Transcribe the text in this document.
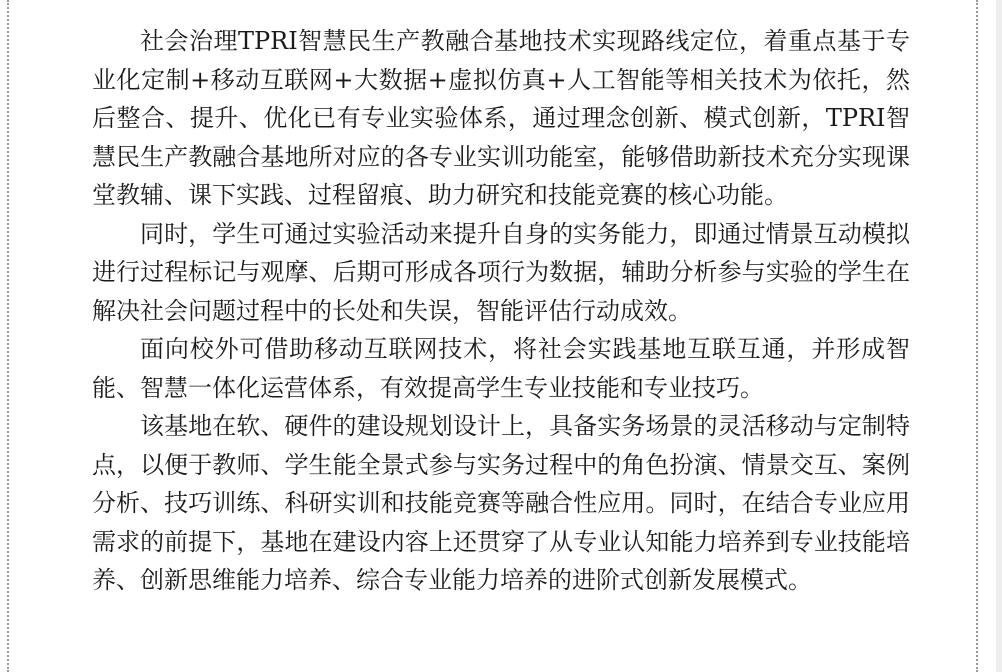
社会治理TPRI智慧民生产教融合基地技术实现路线定位，着重点基于专业化定制+移动互联网+大数据+虚拟仿真+人工智能等相关技术为依托，然后整合、提升、优化已有专业实验体系，通过理念创新、模式创新，TPRI智慧民生产教融合基地所对应的各专业实训功能室，能够借助新技术充分实现课堂教辅、课下实践、过程留痕、助力研究和技能竞赛的核心功能。

同时，学生可通过实验活动来提升自身的实务能力，即通过情景互动模拟进行过程标记与观摩、后期可形成各项行为数据，辅助分析参与实验的学生在解决社会问题过程中的长处和失误，智能评估行动成效。

面向校外可借助移动互联网技术，将社会实践基地互联互通，并形成智能、智慧一体化运营体系，有效提高学生专业技能和专业技巧。

该基地在软、硬件的建设规划设计上，具备实务场景的灵活移动与定制特点，以便于教师、学生能全景式参与实务过程中的角色扮演、情景交互、案例分析、技巧训练、科研实训和技能竞赛等融合性应用。同时，在结合专业应用需求的前提下，基地在建设内容上还贯穿了从专业认知能力培养到专业技能培养、创新思维能力培养、综合专业能力培养的进阶式创新发展模式。
